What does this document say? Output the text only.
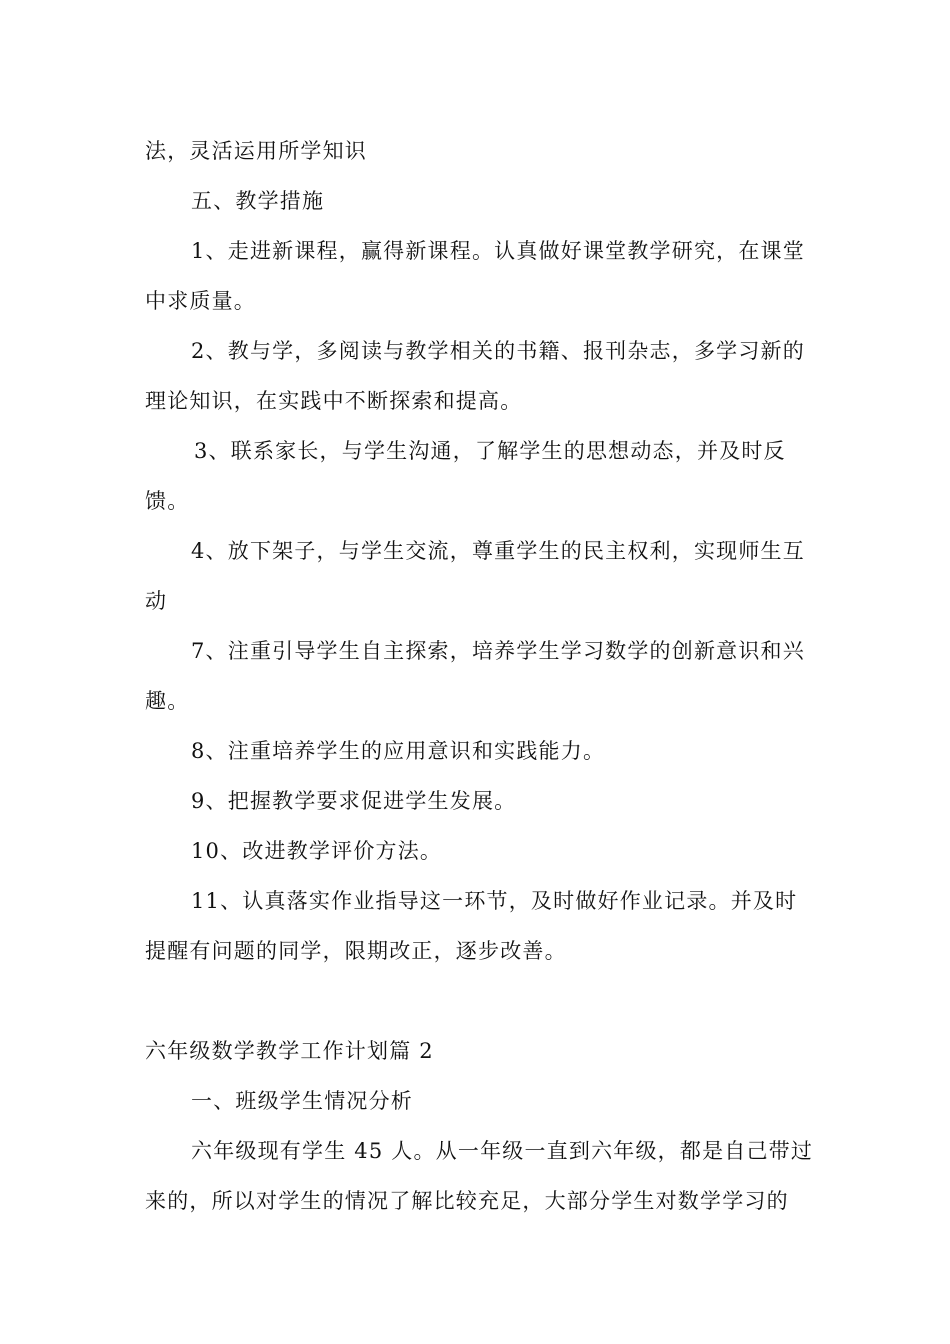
法，灵活运用所学知识
五、教学措施
1、走进新课程，赢得新课程。认真做好课堂教学研究，在课堂
中求质量。
2、教与学，多阅读与教学相关的书籍、报刊杂志，多学习新的
理论知识，在实践中不断探索和提高。
3、联系家长，与学生沟通，了解学生的思想动态，并及时反
馈。
4、放下架子，与学生交流，尊重学生的民主权利，实现师生互
动
7、注重引导学生自主探索，培养学生学习数学的创新意识和兴
趣。
8、注重培养学生的应用意识和实践能力。
9、把握教学要求促进学生发展。
10、改进教学评价方法。
11、认真落实作业指导这一环节，及时做好作业记录。并及时
提醒有问题的同学，限期改正，逐步改善。
六年级数学教学工作计划篇 2
一、班级学生情况分析
六年级现有学生 45 人。从一年级一直到六年级，都是自己带过
来的，所以对学生的情况了解比较充足，大部分学生对数学学习的
